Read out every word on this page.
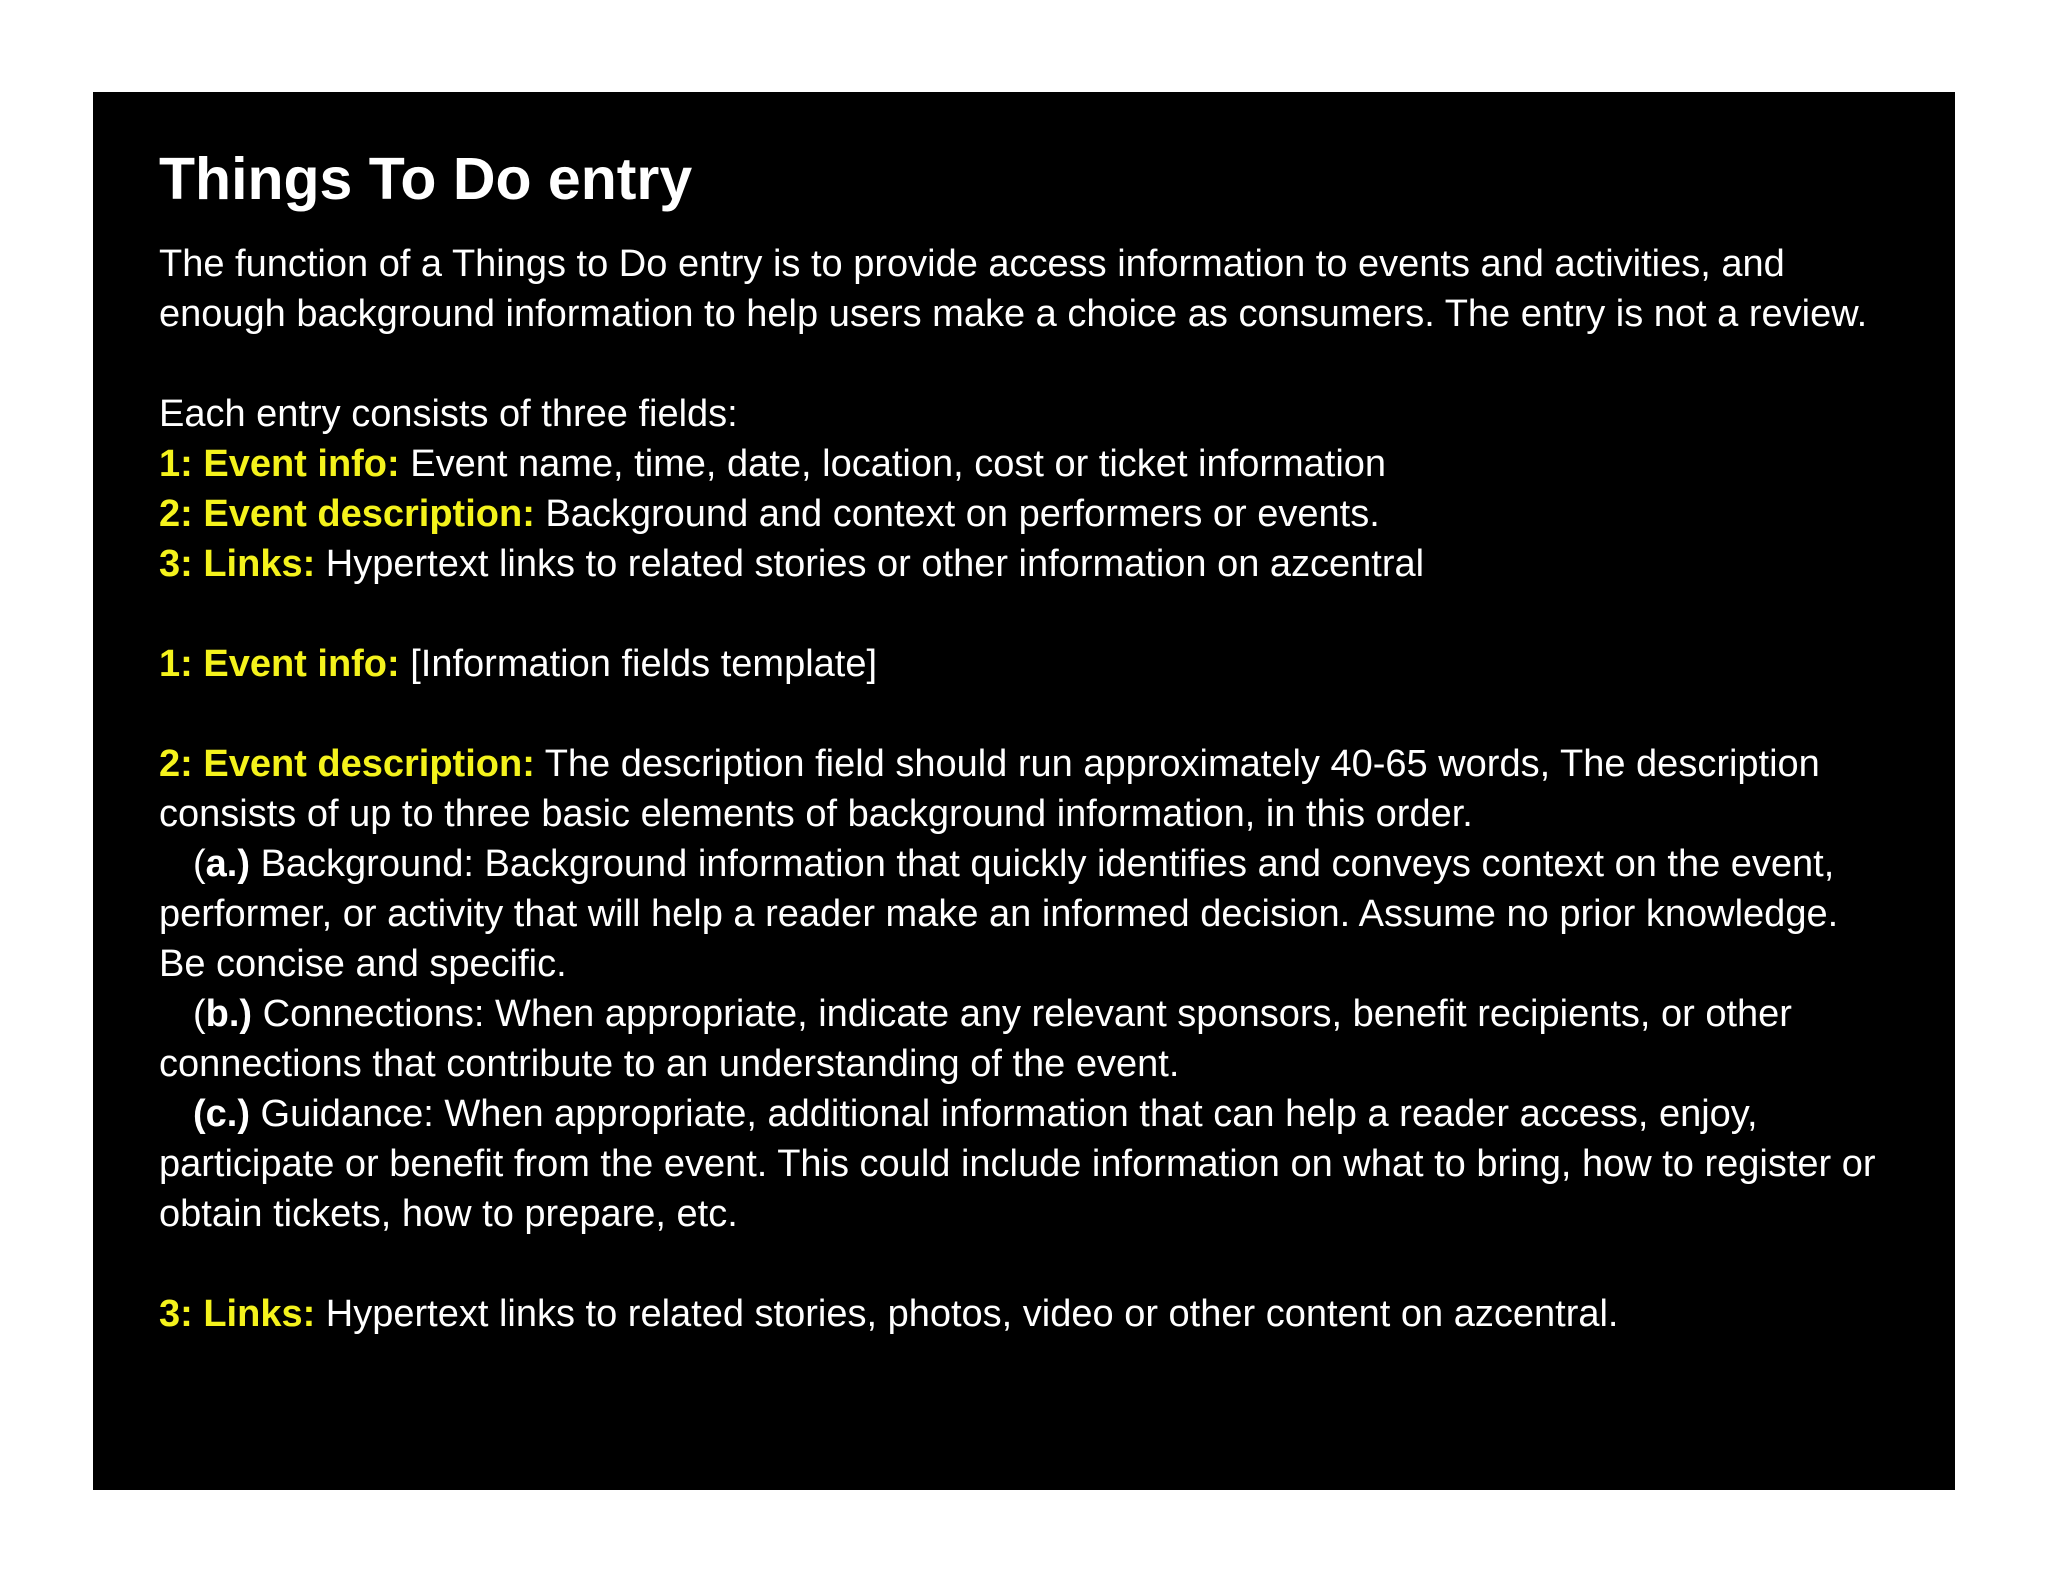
Things To Do entry

The function of a Things to Do entry is to provide access information to events and activities, and enough background information to help users make a choice as consumers. The entry is not a review.

Each entry consists of three fields:

1: Event info: Event name, time, date, location, cost or ticket information

2: Event description: Background and context on performers or events.

3: Links: Hypertext links to related stories or other information on azcentral

1: Event info: [Information fields template]

2: Event description: The description field should run approximately 40-65 words, The description consists of up to three basic elements of background information, in this order.

(a.) Background: Background information that quickly identifies and conveys context on the event, performer, or activity that will help a reader make an informed decision. Assume no prior knowledge. Be concise and specific.

(b.) Connections: When appropriate, indicate any relevant sponsors, benefit recipients, or other connections that contribute to an understanding of the event.

(c.) Guidance: When appropriate, additional information that can help a reader access, enjoy, participate or benefit from the event. This could include information on what to bring, how to register or obtain tickets, how to prepare, etc.

3: Links: Hypertext links to related stories, photos, video or other content on azcentral.
